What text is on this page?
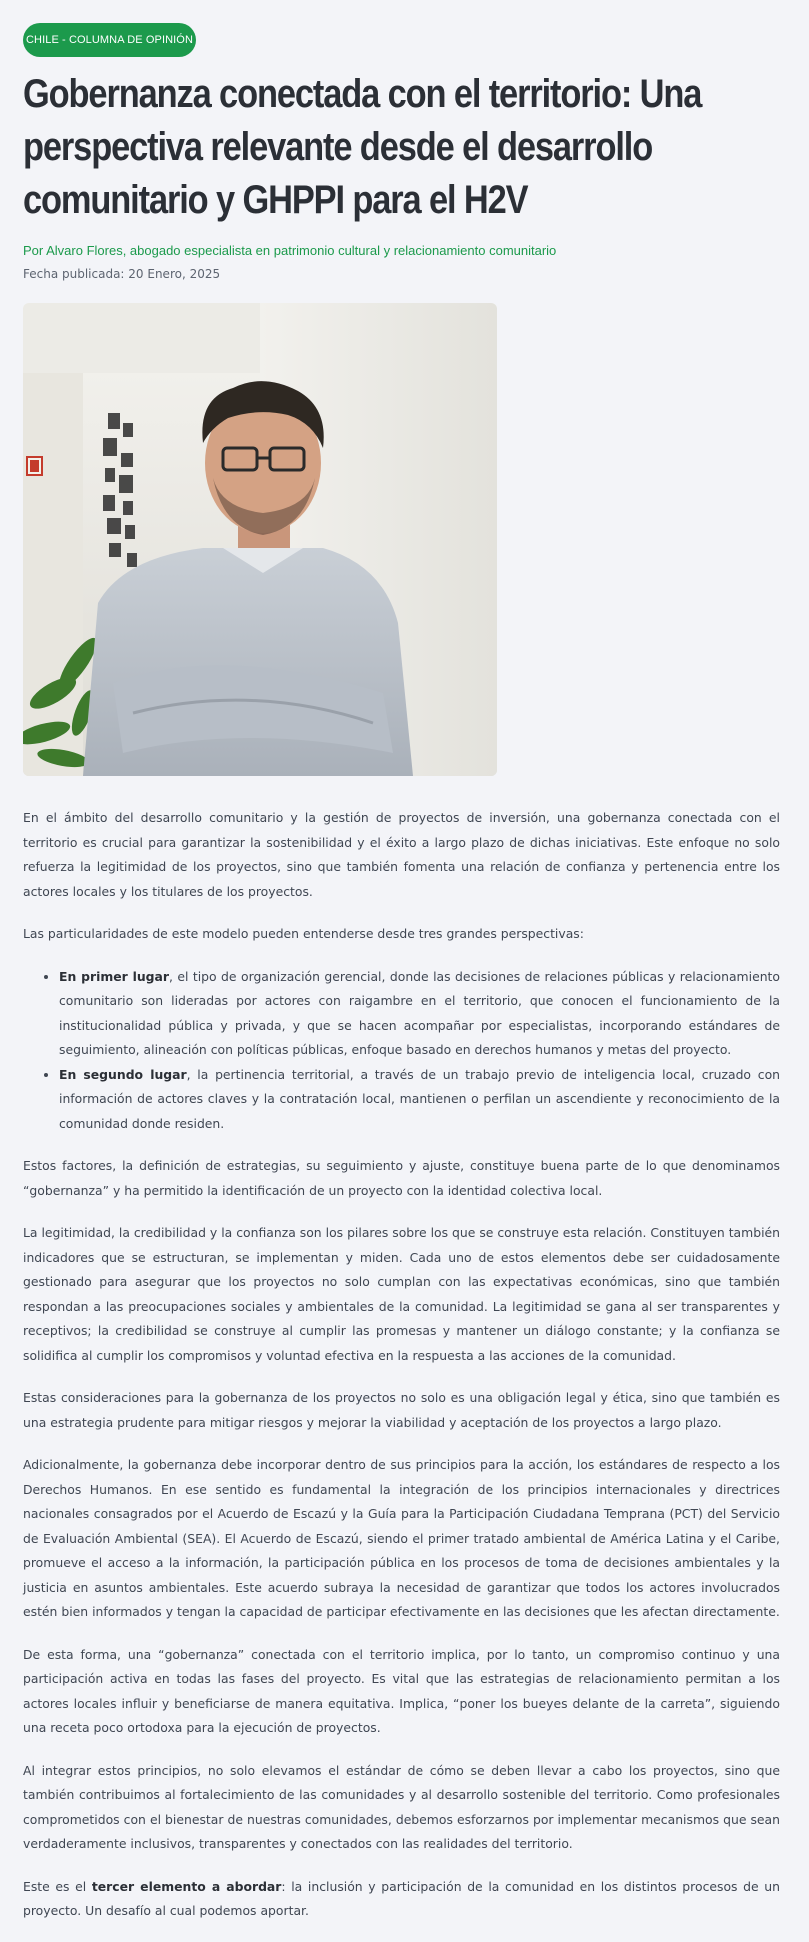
CHILE - COLUMNA DE OPINIÓN
Gobernanza conectada con el territorio: Una perspectiva relevante desde el desarrollo comunitario y GHPPI para el H2V
Por Alvaro Flores, abogado especialista en patrimonio cultural y relacionamiento comunitario
Fecha publicada: 20 Enero, 2025

En el ámbito del desarrollo comunitario y la gestión de proyectos de inversión, una gobernanza conectada con el territorio es crucial para garantizar la sostenibilidad y el éxito a largo plazo de dichas iniciativas. Este enfoque no solo refuerza la legitimidad de los proyectos, sino que también fomenta una relación de confianza y pertenencia entre los actores locales y los titulares de los proyectos.

Las particularidades de este modelo pueden entenderse desde tres grandes perspectivas:

• En primer lugar, el tipo de organización gerencial, donde las decisiones de relaciones públicas y relacionamiento comunitario son lideradas por actores con raigambre en el territorio, que conocen el funcionamiento de la institucionalidad pública y privada, y que se hacen acompañar por especialistas, incorporando estándares de seguimiento, alineación con políticas públicas, enfoque basado en derechos humanos y metas del proyecto.
• En segundo lugar, la pertinencia territorial, a través de un trabajo previo de inteligencia local, cruzado con información de actores claves y la contratación local, mantienen o perfilan un ascendiente y reconocimiento de la comunidad donde residen.

Estos factores, la definición de estrategias, su seguimiento y ajuste, constituye buena parte de lo que denominamos “gobernanza” y ha permitido la identificación de un proyecto con la identidad colectiva local.

La legitimidad, la credibilidad y la confianza son los pilares sobre los que se construye esta relación. Constituyen también indicadores que se estructuran, se implementan y miden. Cada uno de estos elementos debe ser cuidadosamente gestionado para asegurar que los proyectos no solo cumplan con las expectativas económicas, sino que también respondan a las preocupaciones sociales y ambientales de la comunidad. La legitimidad se gana al ser transparentes y receptivos; la credibilidad se construye al cumplir las promesas y mantener un diálogo constante; y la confianza se solidifica al cumplir los compromisos y voluntad efectiva en la respuesta a las acciones de la comunidad.

Estas consideraciones para la gobernanza de los proyectos no solo es una obligación legal y ética, sino que también es una estrategia prudente para mitigar riesgos y mejorar la viabilidad y aceptación de los proyectos a largo plazo.

Adicionalmente, la gobernanza debe incorporar dentro de sus principios para la acción, los estándares de respecto a los Derechos Humanos. En ese sentido es fundamental la integración de los principios internacionales y directrices nacionales consagrados por el Acuerdo de Escazú y la Guía para la Participación Ciudadana Temprana (PCT) del Servicio de Evaluación Ambiental (SEA). El Acuerdo de Escazú, siendo el primer tratado ambiental de América Latina y el Caribe, promueve el acceso a la información, la participación pública en los procesos de toma de decisiones ambientales y la justicia en asuntos ambientales. Este acuerdo subraya la necesidad de garantizar que todos los actores involucrados estén bien informados y tengan la capacidad de participar efectivamente en las decisiones que les afectan directamente.

De esta forma, una “gobernanza” conectada con el territorio implica, por lo tanto, un compromiso continuo y una participación activa en todas las fases del proyecto. Es vital que las estrategias de relacionamiento permitan a los actores locales influir y beneficiarse de manera equitativa. Implica, “poner los bueyes delante de la carreta”, siguiendo una receta poco ortodoxa para la ejecución de proyectos.

Al integrar estos principios, no solo elevamos el estándar de cómo se deben llevar a cabo los proyectos, sino que también contribuimos al fortalecimiento de las comunidades y al desarrollo sostenible del territorio. Como profesionales comprometidos con el bienestar de nuestras comunidades, debemos esforzarnos por implementar mecanismos que sean verdaderamente inclusivos, transparentes y conectados con las realidades del territorio.

Este es el tercer elemento a abordar: la inclusión y participación de la comunidad en los distintos procesos de un proyecto. Un desafío al cual podemos aportar.
